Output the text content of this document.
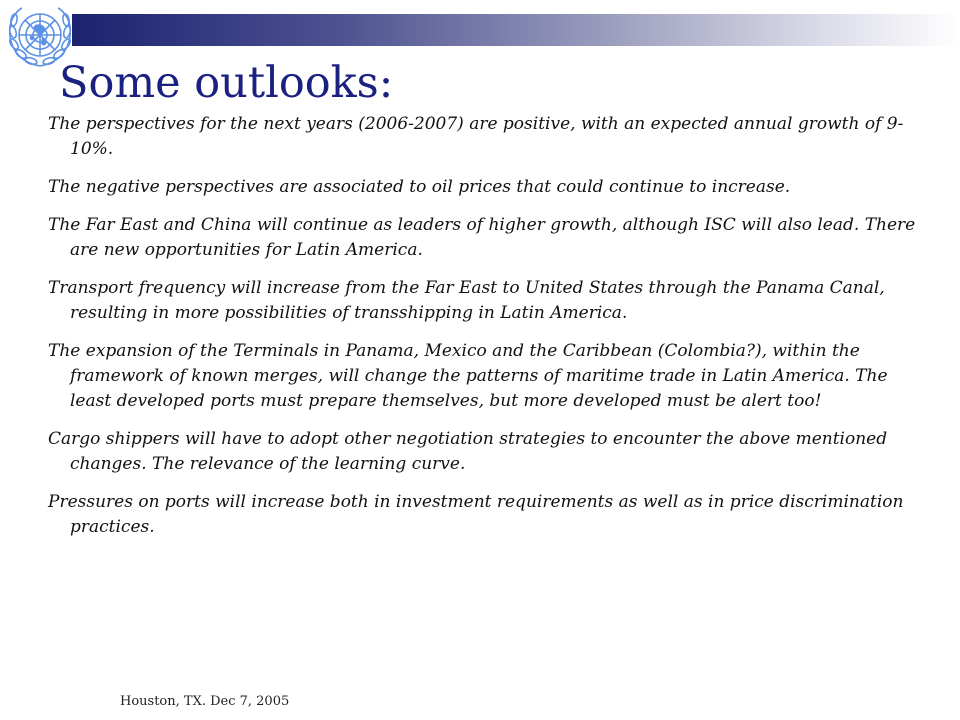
Some outlooks:

The perspectives for the next years (2006-2007) are positive, with an expected annual growth of 9-10%.

The negative perspectives are associated to oil prices that could continue to increase.

The Far East and China will continue as leaders of higher growth, although ISC will also lead. There are new opportunities for Latin America.

Transport frequency will increase from the Far East to United States through the Panama Canal, resulting in more possibilities of transshipping in Latin America.

The expansion of the Terminals in Panama, Mexico and the Caribbean (Colombia?), within the framework of known merges, will change the patterns of maritime trade in Latin America. The least developed ports must prepare themselves, but more developed must be alert too!

Cargo shippers will have to adopt other negotiation strategies to encounter the above mentioned changes. The relevance of the learning curve.

Pressures on ports will increase both in investment requirements as well as in price discrimination practices.

Houston, TX. Dec 7, 2005
